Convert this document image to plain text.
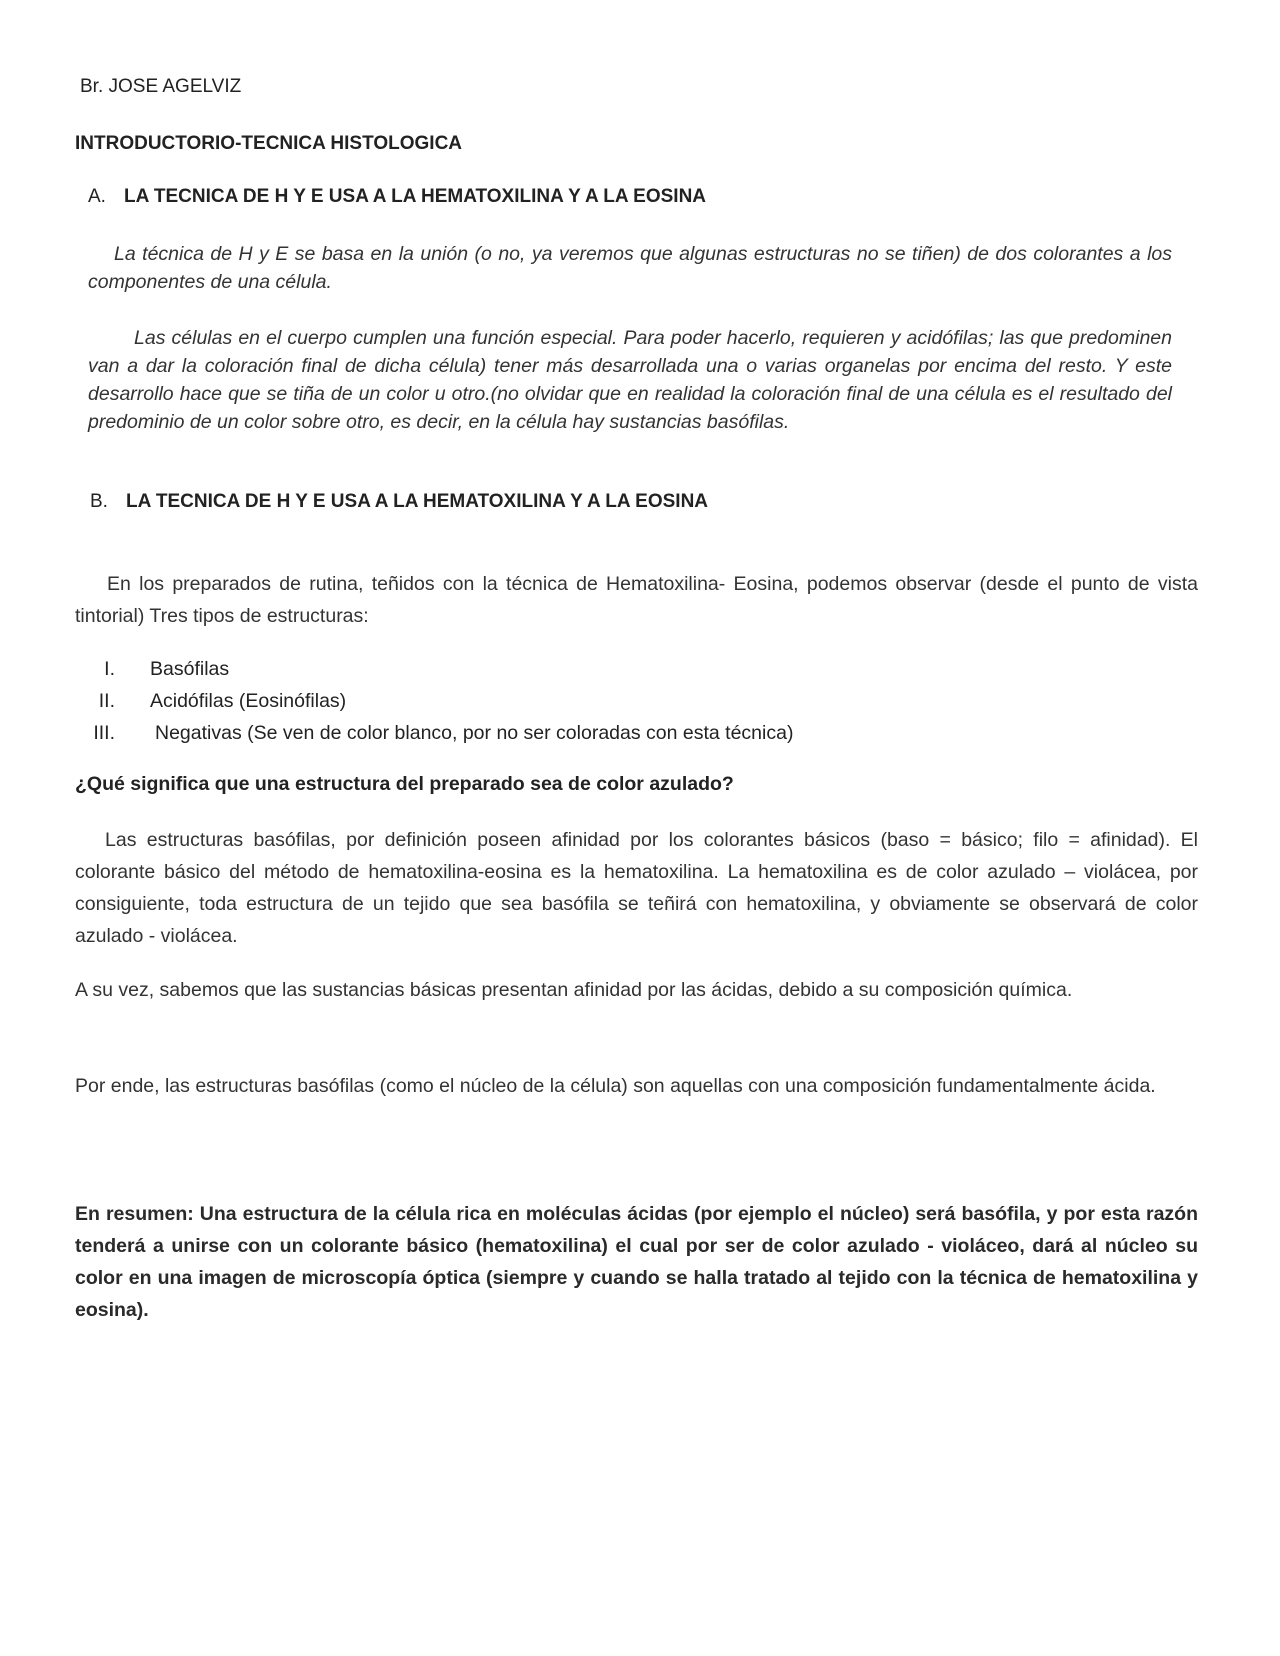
Br. JOSE AGELVIZ
INTRODUCTORIO-TECNICA HISTOLOGICA
A. LA TECNICA DE H Y E USA A LA HEMATOXILINA Y A LA EOSINA
La técnica de H y E se basa en la unión (o no, ya veremos que algunas estructuras no se tiñen) de dos colorantes a los componentes de una célula.
Las células en el cuerpo cumplen una función especial. Para poder hacerlo, requieren y acidófilas; las que predominen van a dar la coloración final de dicha célula) tener más desarrollada una o varias organelas por encima del resto. Y este desarrollo hace que se tiña de un color u otro.(no olvidar que en realidad la coloración final de una célula es el resultado del predominio de un color sobre otro, es decir, en la célula hay sustancias basófilas.
B. LA TECNICA DE H Y E USA A LA HEMATOXILINA Y A LA EOSINA
En los preparados de rutina, teñidos con la técnica de Hematoxilina- Eosina, podemos observar (desde el punto de vista tintorial) Tres tipos de estructuras:
I. Basófilas
II. Acidófilas (Eosinófilas)
III. Negativas (Se ven de color blanco, por no ser coloradas con esta técnica)
¿Qué significa que una estructura del preparado sea de color azulado?
Las estructuras basófilas, por definición poseen afinidad por los colorantes básicos (baso = básico; filo = afinidad). El colorante básico del método de hematoxilina-eosina es la hematoxilina. La hematoxilina es de color azulado – violácea, por consiguiente, toda estructura de un tejido que sea basófila se teñirá con hematoxilina, y obviamente se observará de color azulado - violácea.
A su vez, sabemos que las sustancias básicas presentan afinidad por las ácidas, debido a su composición química.
Por ende, las estructuras basófilas (como el núcleo de la célula) son aquellas con una composición fundamentalmente ácida.
En resumen: Una estructura de la célula rica en moléculas ácidas (por ejemplo el núcleo) será basófila, y por esta razón tenderá a unirse con un colorante básico (hematoxilina) el cual por ser de color azulado - violáceo, dará al núcleo su color en una imagen de microscopía óptica (siempre y cuando se halla tratado al tejido con la técnica de hematoxilina y eosina).
